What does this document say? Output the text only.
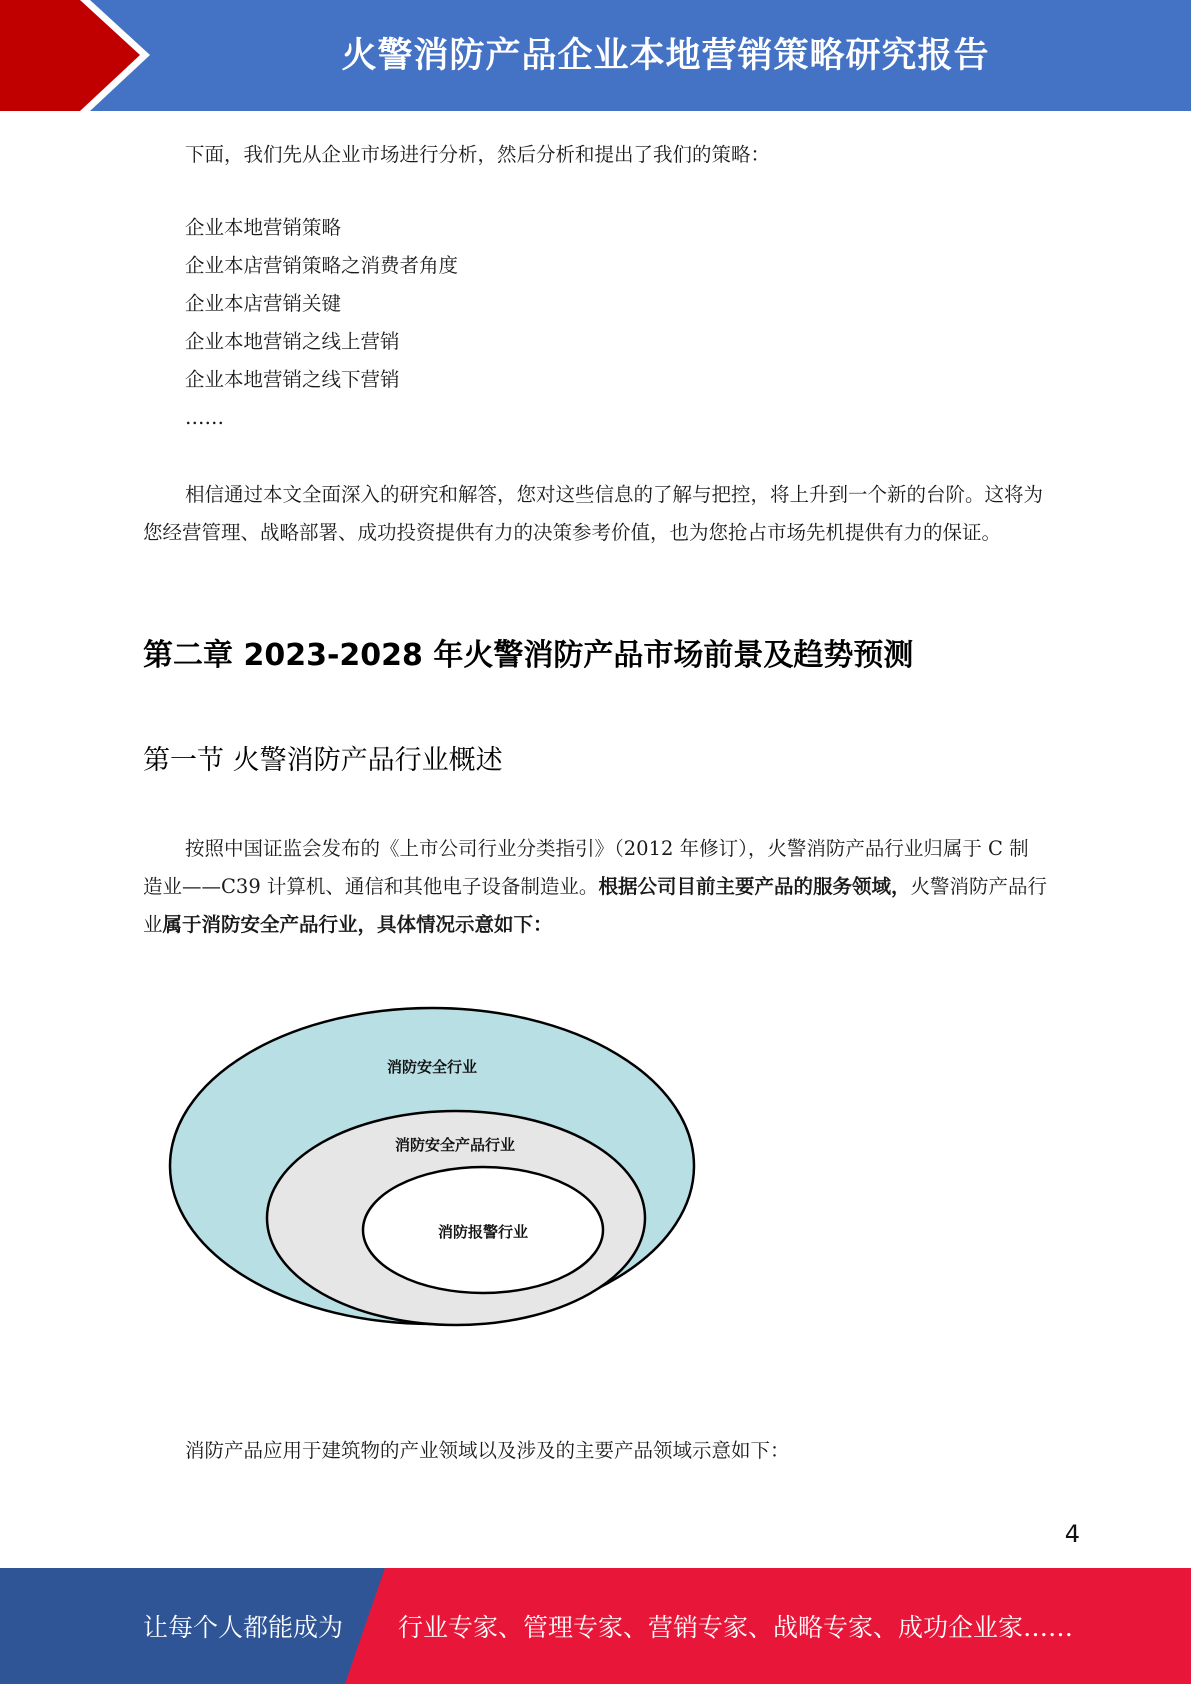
火警消防产品企业本地营销策略研究报告

下面，我们先从企业市场进行分析，然后分析和提出了我们的策略：

企业本地营销策略
企业本店营销策略之消费者角度
企业本店营销关键
企业本地营销之线上营销
企业本地营销之线下营销
……

相信通过本文全面深入的研究和解答，您对这些信息的了解与把控，将上升到一个新的台阶。这将为您经营管理、战略部署、成功投资提供有力的决策参考价值，也为您抢占市场先机提供有力的保证。

第二章 2023-2028 年火警消防产品市场前景及趋势预测
第一节 火警消防产品行业概述

按照中国证监会发布的《上市公司行业分类指引》（2012 年修订），火警消防产品行业归属于 C 制造业——C39 计算机、通信和其他电子设备制造业。根据公司目前主要产品的服务领域，火警消防产品行业属于消防安全产品行业，具体情况示意如下：

消防安全行业
消防安全产品行业
消防报警行业

消防产品应用于建筑物的产业领域以及涉及的主要产品领域示意如下：

4
让每个人都能成为 行业专家、管理专家、营销专家、战略专家、成功企业家……
